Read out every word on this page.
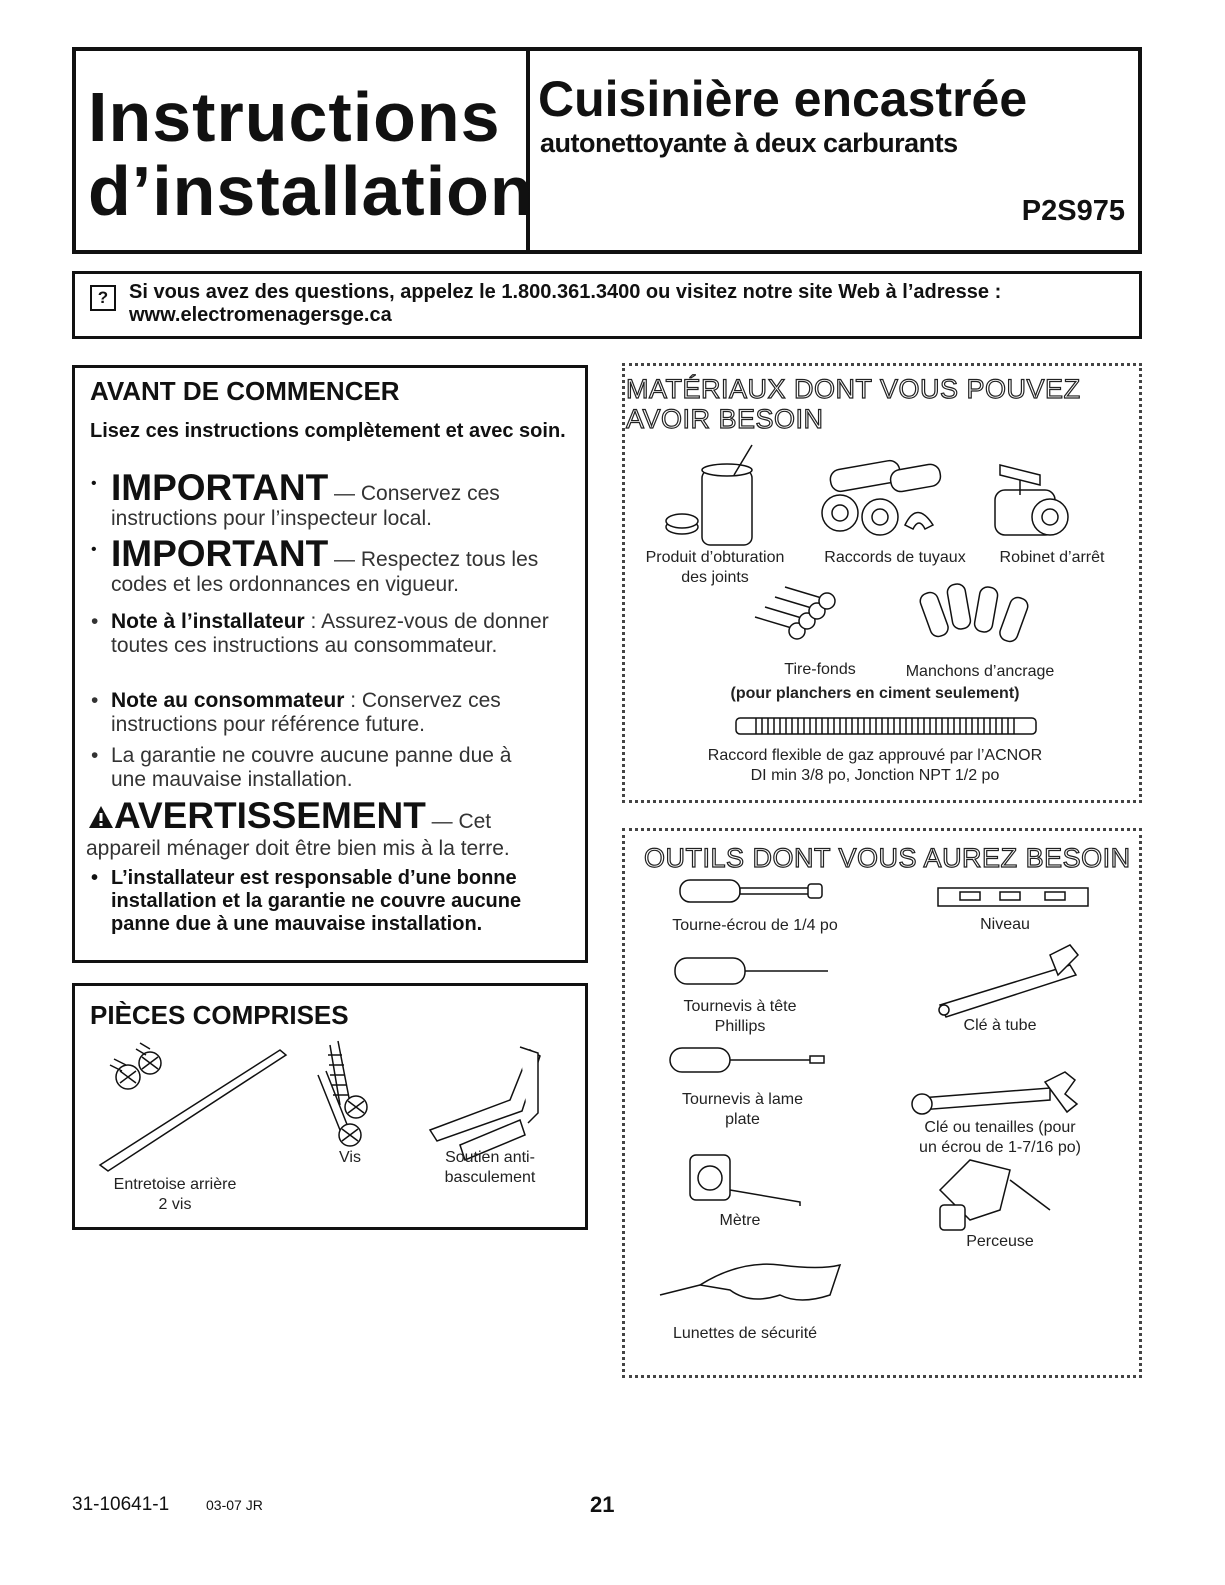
Instructions
d’installation
Cuisinière encastrée
autonettoyante à deux carburants
P2S975
?	Si vous avez des questions, appelez le 1.800.361.3400 ou visitez notre site Web à l’adresse :
www.electromenagersge.ca
AVANT DE COMMENCER
Lisez ces instructions complètement et avec soin.
• IMPORTANT — Conservez ces instructions pour l’inspecteur local.
• IMPORTANT — Respectez tous les codes et les ordonnances en vigueur.
• Note à l’installateur : Assurez-vous de donner toutes ces instructions au consommateur.
• Note au consommateur : Conservez ces instructions pour référence future.
• La garantie ne couvre aucune panne due à une mauvaise installation.
AVERTISSEMENT — Cet
appareil ménager doit être bien mis à la terre.
• L’installateur est responsable d’une bonne installation et la garantie ne couvre aucune panne due à une mauvaise installation.
PIÈCES COMPRISES
Entretoise arrière
2 vis
Vis	Soutien anti-
basculement
MATÉRIAUX DONT VOUS POUVEZ
AVOIR BESOIN
Produit d’obturation
des joints
Raccords de tuyaux	Robinet d’arrêt
Tire-fonds	Manchons d’ancrage
(pour planchers en ciment seulement)
Raccord flexible de gaz approuvé par l’ACNOR
DI min 3/8 po, Jonction NPT 1/2 po
OUTILS DONT VOUS AUREZ BESOIN
Tourne-écrou de 1/4 po	Niveau
Tournevis à tête
Phillips	Clé à tube
Tournevis à lame
plate	Clé ou tenailles (pour
un écrou de 1-7/16 po)
Mètre
Perceuse
Lunettes de sécurité
31-10641-1	03-07 JR	21
